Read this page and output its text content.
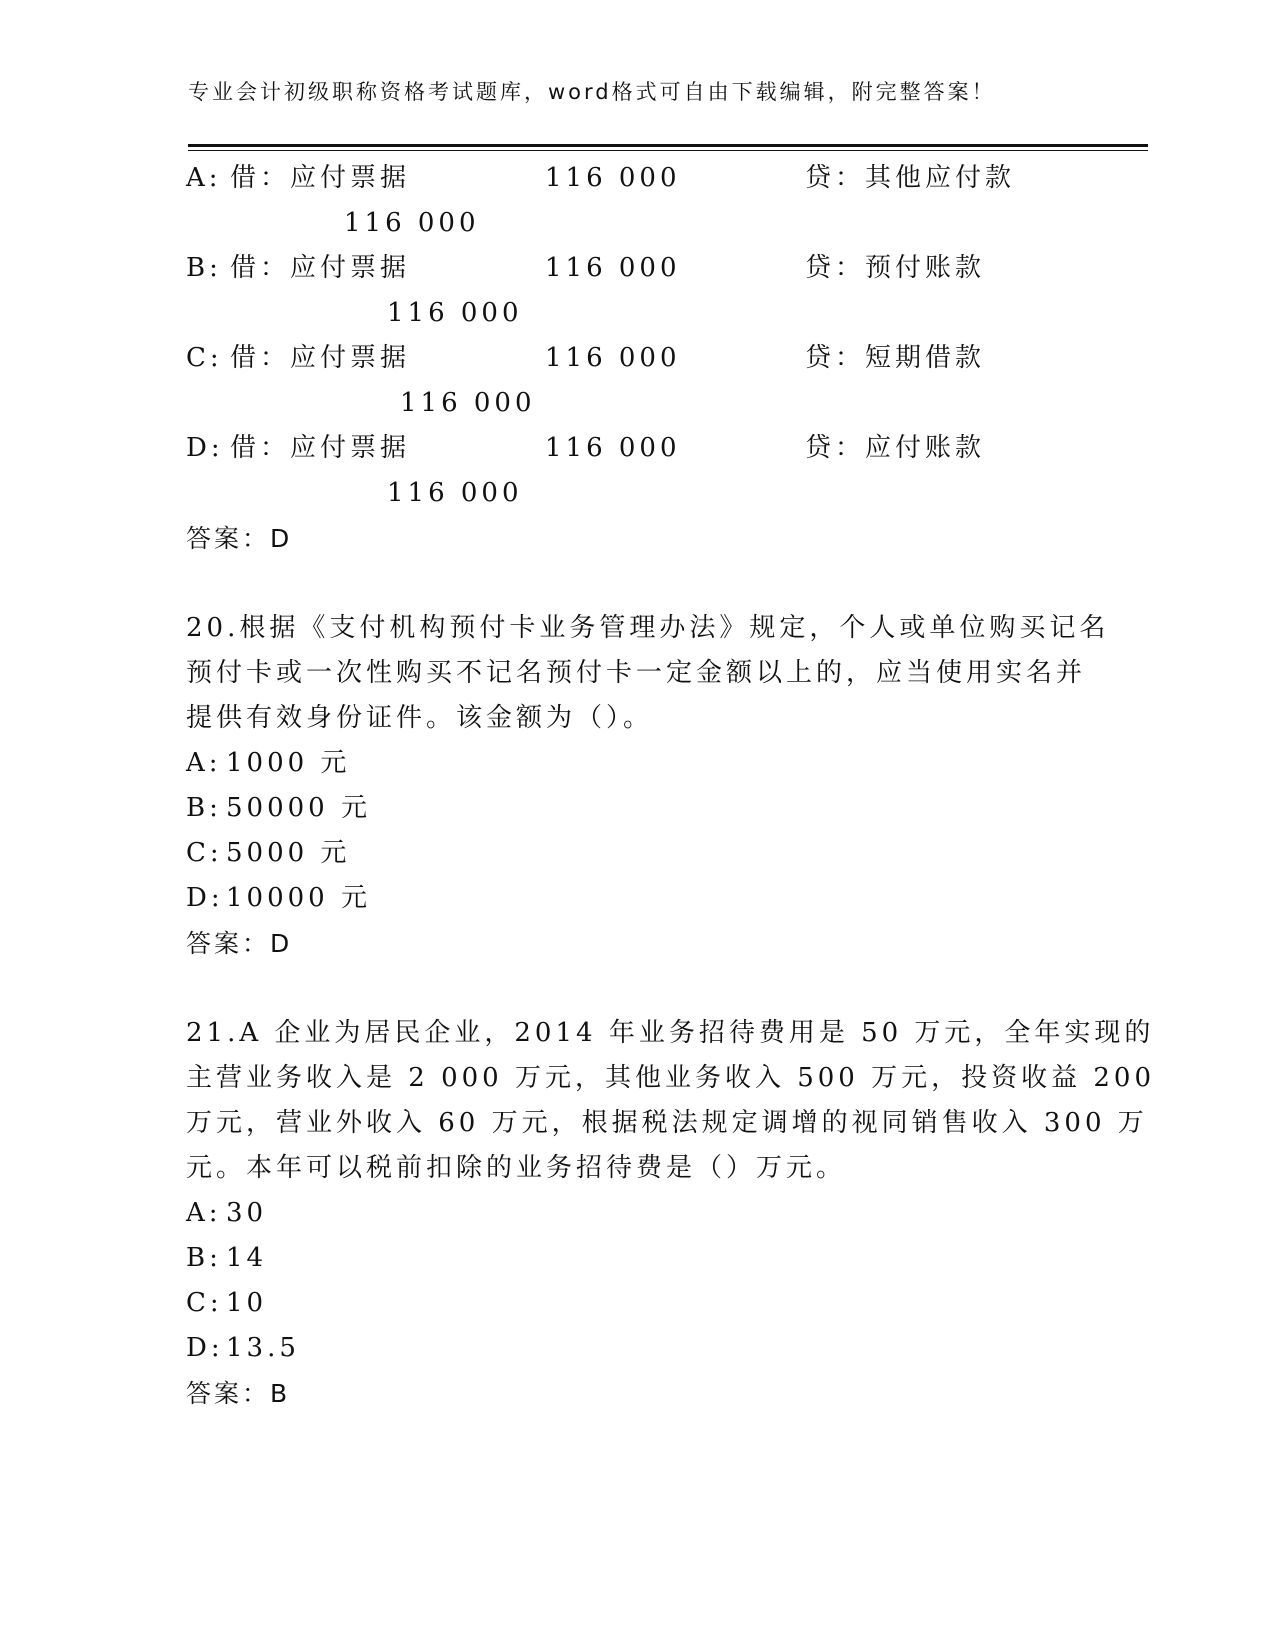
专业会计初级职称资格考试题库，word格式可自由下载编辑，附完整答案！
A: 借：应付票据	116 000	贷：其他应付款
116 000
B: 借：应付票据	116 000	贷：预付账款
116 000
C: 借：应付票据	116 000	贷：短期借款
116 000
D: 借：应付票据	116 000	贷：应付账款
116 000
答案：D
20.根据《支付机构预付卡业务管理办法》规定，个人或单位购买记名
预付卡或一次性购买不记名预付卡一定金额以上的，应当使用实名并
提供有效身份证件。该金额为（）。
A: 1000 元
B: 50000 元
C: 5000 元
D: 10000 元
答案：D
21.A 企业为居民企业，2014 年业务招待费用是 50 万元，全年实现的
主营业务收入是 2 000 万元，其他业务收入 500 万元，投资收益 200
万元，营业外收入 60 万元，根据税法规定调增的视同销售收入 300 万
元。本年可以税前扣除的业务招待费是（）万元。
A: 30
B: 14
C: 10
D: 13.5
答案：B
